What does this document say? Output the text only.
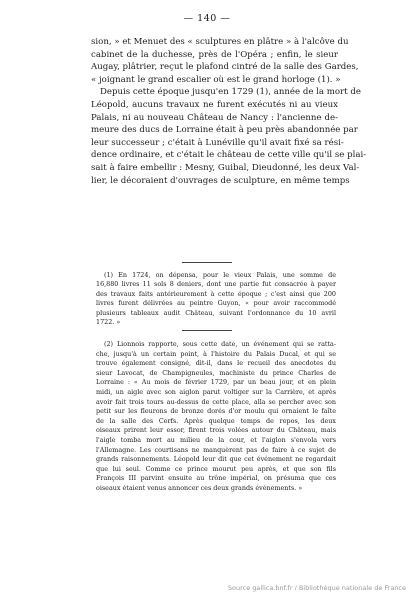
— 140 —
sion, » et Menuet des « sculptures en plâtre » à l'alcôve du
cabinet de la duchesse, près de l'Opéra ; enfin, le sieur
Augay, plâtrier, reçut le plafond cintré de la salle des Gardes,
« joignant le grand escalier où est le grand horloge (1). »
Depuis cette époque jusqu'en 1729 (1), année de la mort de
Léopold, aucuns travaux ne furent exécutés ni au vieux
Palais, ni au nouveau Château de Nancy : l'ancienne de-
meure des ducs de Lorraine était à peu près abandonnée par
leur successeur ; c'était à Lunéville qu'il avait fixé sa rési-
dence ordinaire, et c'était le château de cette ville qu'il se plai-
sait à faire embellir : Mesny, Guibal, Dieudonné, les deux Val-
lier, le décoraient d'ouvrages de sculpture, en même temps
(1) En 1724, on dépensa, pour le vieux Palais, une somme de
16,880 livres 11 sols 8 deniers, dont une partie fut consacrée à payer
des travaux faits antérieurement à cette époque ; c'est ainsi que 200
livres furent délivrées au peintre Guyon, « pour avoir raccommodé
plusieurs tableaux audit Château, suivant l'ordonnance du 10 avril
1722. »
(2) Lionnois rapporte, sous cette date, un événement qui se ratta-
che, jusqu'à un certain point, à l'histoire du Palais Ducal, et qui se
trouve également consigné, dit-il, dans le recueil des anecdotes du
sieur Lavocat, de Champigneules, machiniste du prince Charles de
Lorraine : « Au mois de février 1729, par un beau jour, et en plein
midi, un aigle avec son aiglon parut voltiger sur la Carrière, et après
avoir fait trois tours au-dessus de cette place, alla se percher avec son
petit sur les fleurons de bronze dorés d'or moulu qui ornaient le faîte
de la salle des Cerfs. Après quelque temps de repos, les deux
oiseaux prirent leur essor, firent trois volées autour du Château, mais
l'aigle tomba mort au milieu de la cour, et l'aiglon s'envola vers
l'Allemagne. Les courtisans ne manquèrent pas de faire à ce sujet de
grands raisonnements. Léopold leur dit que cet événement ne regardait
que lui seul. Comme ce prince mourut peu après, et que son fils
François III parvint ensuite au trône impérial, on présuma que ces
oiseaux étaient venus annoncer ces deux grands événements. »
Source gallica.bnf.fr / Bibliothèque nationale de France
